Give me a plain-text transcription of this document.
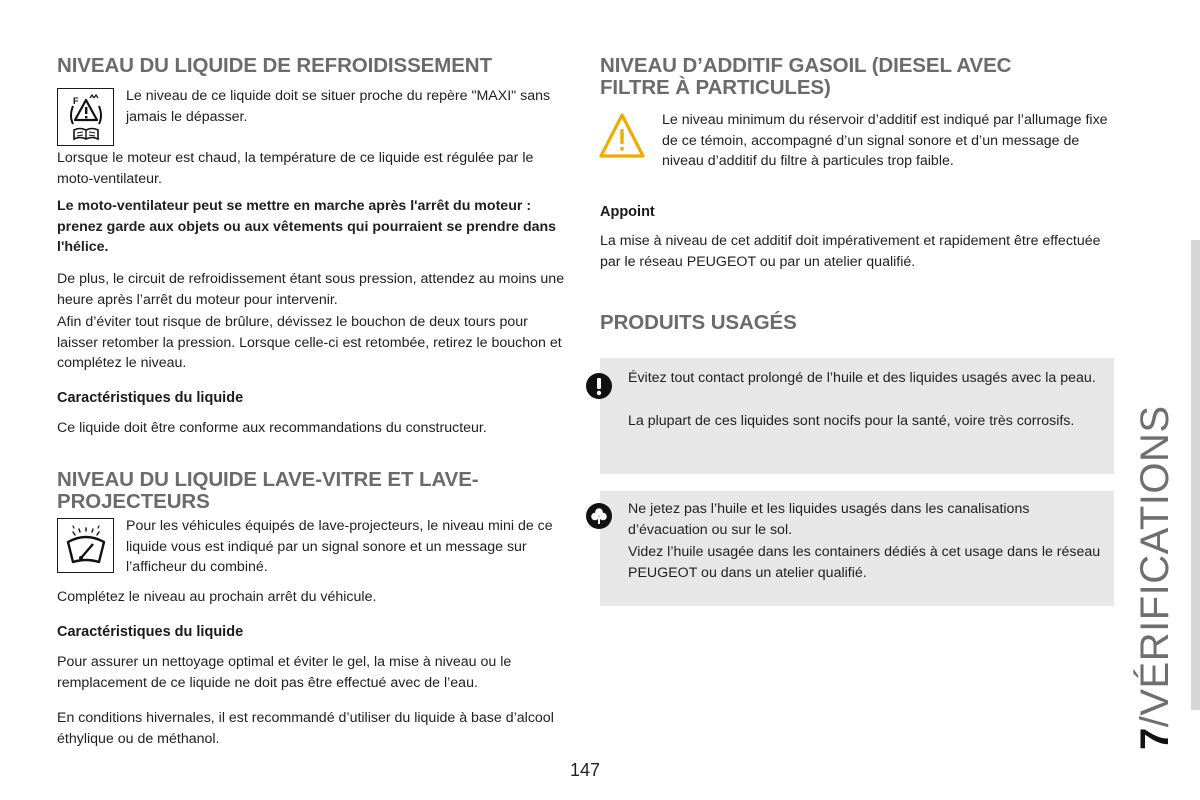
NIVEAU DU LIQUIDE DE REFROIDISSEMENT
F	Le niveau de ce liquide doit se situer proche du repère "MAXI" sans jamais le dépasser.

Lorsque le moteur est chaud, la température de ce liquide est régulée par le moto-ventilateur.

Le moto-ventilateur peut se mettre en marche après l'arrêt du moteur : prenez garde aux objets ou aux vêtements qui pourraient se prendre dans l'hélice.

De plus, le circuit de refroidissement étant sous pression, attendez au moins une heure après l’arrêt du moteur pour intervenir.

Afin d’éviter tout risque de brûlure, dévissez le bouchon de deux tours pour laisser retomber la pression. Lorsque celle-ci est retombée, retirez le bouchon et complétez le niveau.

Caractéristiques du liquide

Ce liquide doit être conforme aux recommandations du constructeur.

NIVEAU DU LIQUIDE LAVE-VITRE ET LAVE-PROJECTEURS

Pour les véhicules équipés de lave-projecteurs, le niveau mini de ce liquide vous est indiqué par un signal sonore et un message sur l’afficheur du combiné.

Complétez le niveau au prochain arrêt du véhicule.

Caractéristiques du liquide

Pour assurer un nettoyage optimal et éviter le gel, la mise à niveau ou le remplacement de ce liquide ne doit pas être effectué avec de l’eau.

En conditions hivernales, il est recommandé d’utiliser du liquide à base d’alcool éthylique ou de méthanol.

NIVEAU D’ADDITIF GASOIL (DIESEL AVEC FILTRE À PARTICULES)

Le niveau minimum du réservoir d’additif est indiqué par l’allumage fixe de ce témoin, accompagné d’un signal sonore et d’un message de niveau d’additif du filtre à particules trop faible.

Appoint

La mise à niveau de cet additif doit impérativement et rapidement être effectuée par le réseau PEUGEOT ou par un atelier qualifié.

PRODUITS USAGÉS

Évitez tout contact prolongé de l’huile et des liquides usagés avec la peau.

La plupart de ces liquides sont nocifs pour la santé, voire très corrosifs.

Ne jetez pas l’huile et les liquides usagés dans les canalisations d’évacuation ou sur le sol.

Videz l’huile usagée dans les containers dédiés à cet usage dans le réseau PEUGEOT ou dans un atelier qualifié.

7/VÉRIFICATIONS
147
